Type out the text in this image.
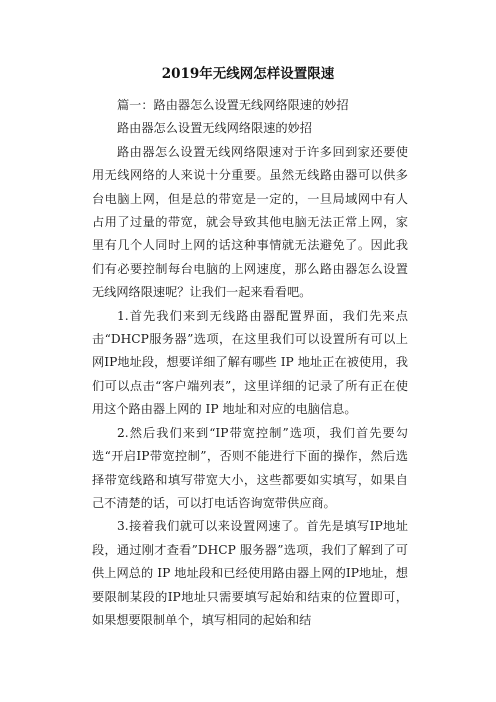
2019年无线网怎样设置限速

篇一：路由器怎么设置无线网络限速的妙招

路由器怎么设置无线网络限速的妙招

路由器怎么设置无线网络限速对于许多回到家还要使用无线网络的人来说十分重要。虽然无线路由器可以供多台电脑上网，但是总的带宽是一定的，一旦局域网中有人占用了过量的带宽，就会导致其他电脑无法正常上网，家里有几个人同时上网的话这种事情就无法避免了。因此我们有必要控制每台电脑的上网速度，那么路由器怎么设置无线网络限速呢？让我们一起来看看吧。

1.首先我们来到无线路由器配置界面，我们先来点击“DHCP服务器”选项，在这里我们可以设置所有可以上网IP地址段，想要详细了解有哪些 IP 地址正在被使用，我们可以点击“客户端列表”，这里详细的记录了所有正在使用这个路由器上网的 IP 地址和对应的电脑信息。

2.然后我们来到“IP带宽控制”选项，我们首先要勾选“开启IP带宽控制”，否则不能进行下面的操作，然后选择带宽线路和填写带宽大小，这些都要如实填写，如果自己不清楚的话，可以打电话咨询宽带供应商。

3.接着我们就可以来设置网速了。首先是填写IP地址段，通过刚才查看”DHCP 服务器”选项，我们了解到了可供上网总的 IP 地址段和已经使用路由器上网的IP地址，想要限制某段的IP地址只需要填写起始和结束的位置即可，如果想要限制单个，填写相同的起始和结
